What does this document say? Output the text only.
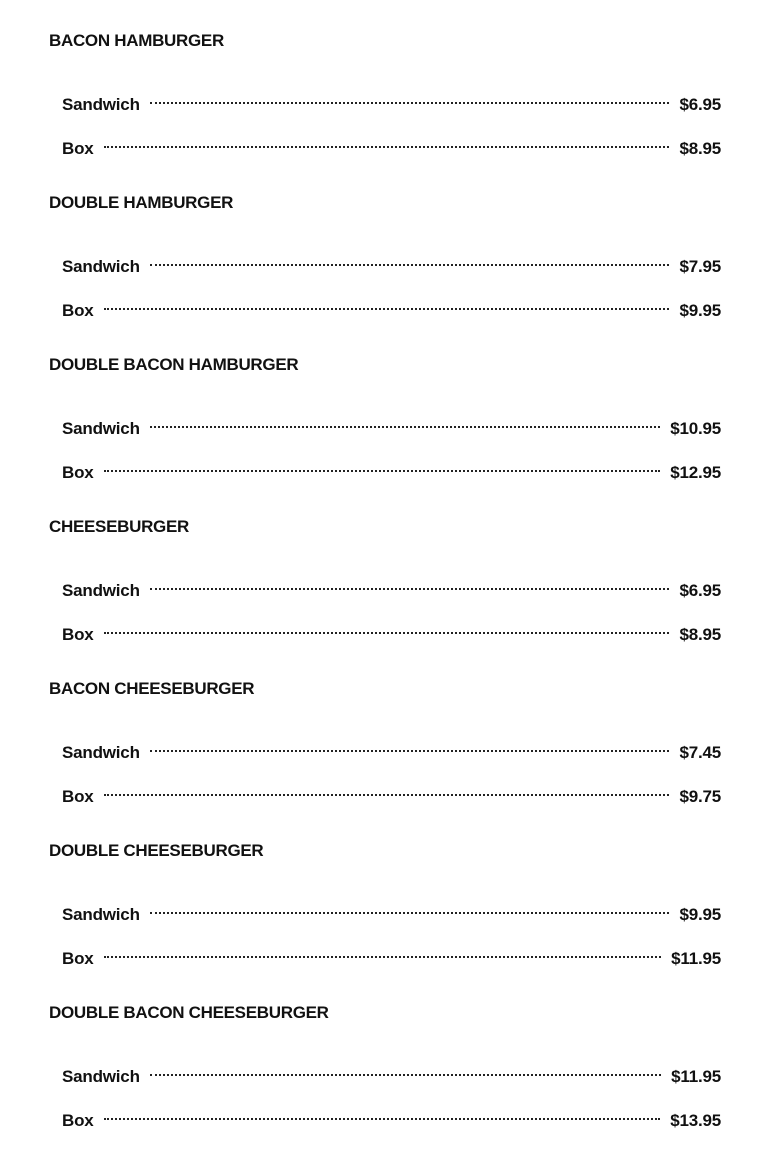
BACON HAMBURGER
Sandwich	$6.95
Box	$8.95
DOUBLE HAMBURGER
Sandwich	$7.95
Box	$9.95
DOUBLE BACON HAMBURGER
Sandwich	$10.95
Box	$12.95
CHEESEBURGER
Sandwich	$6.95
Box	$8.95
BACON CHEESEBURGER
Sandwich	$7.45
Box	$9.75
DOUBLE CHEESEBURGER
Sandwich	$9.95
Box	$11.95
DOUBLE BACON CHEESEBURGER
Sandwich	$11.95
Box	$13.95
